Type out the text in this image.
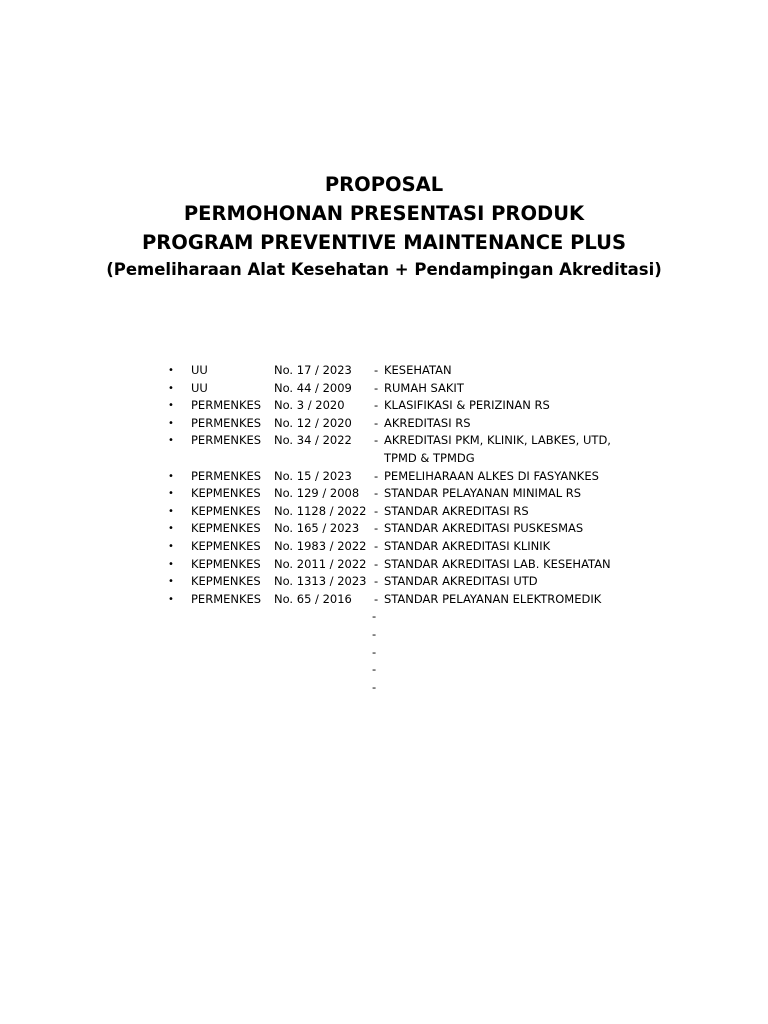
PROPOSAL
PERMOHONAN PRESENTASI PRODUK
PROGRAM PREVENTIVE MAINTENANCE PLUS
(Pemeliharaan Alat Kesehatan + Pendampingan Akreditasi)
•	UU	No. 17 / 2023	- KESEHATAN
•	UU	No. 44 / 2009	- RUMAH SAKIT
•	PERMENKES	No. 3 / 2020	- KLASIFIKASI & PERIZINAN RS
•	PERMENKES	No. 12 / 2020	- AKREDITASI RS
•	PERMENKES	No. 34 / 2022	- AKREDITASI PKM, KLINIK, LABKES, UTD,
TPMD & TPMDG
•	PERMENKES	No. 15 / 2023	- PEMELIHARAAN ALKES DI FASYANKES
•	KEPMENKES	No. 129 / 2008	- STANDAR PELAYANAN MINIMAL RS
•	KEPMENKES	No. 1128 / 2022 - STANDAR AKREDITASI RS
•	KEPMENKES	No. 165 / 2023	- STANDAR AKREDITASI PUSKESMAS
•	KEPMENKES	No. 1983 / 2022 - STANDAR AKREDITASI KLINIK
•	KEPMENKES	No. 2011 / 2022 - STANDAR AKREDITASI LAB. KESEHATAN
•	KEPMENKES	No. 1313 / 2023 - STANDAR AKREDITASI UTD
•	PERMENKES	No. 65 / 2016	- STANDAR PELAYANAN ELEKTROMEDIK
-
-
-
-
-
